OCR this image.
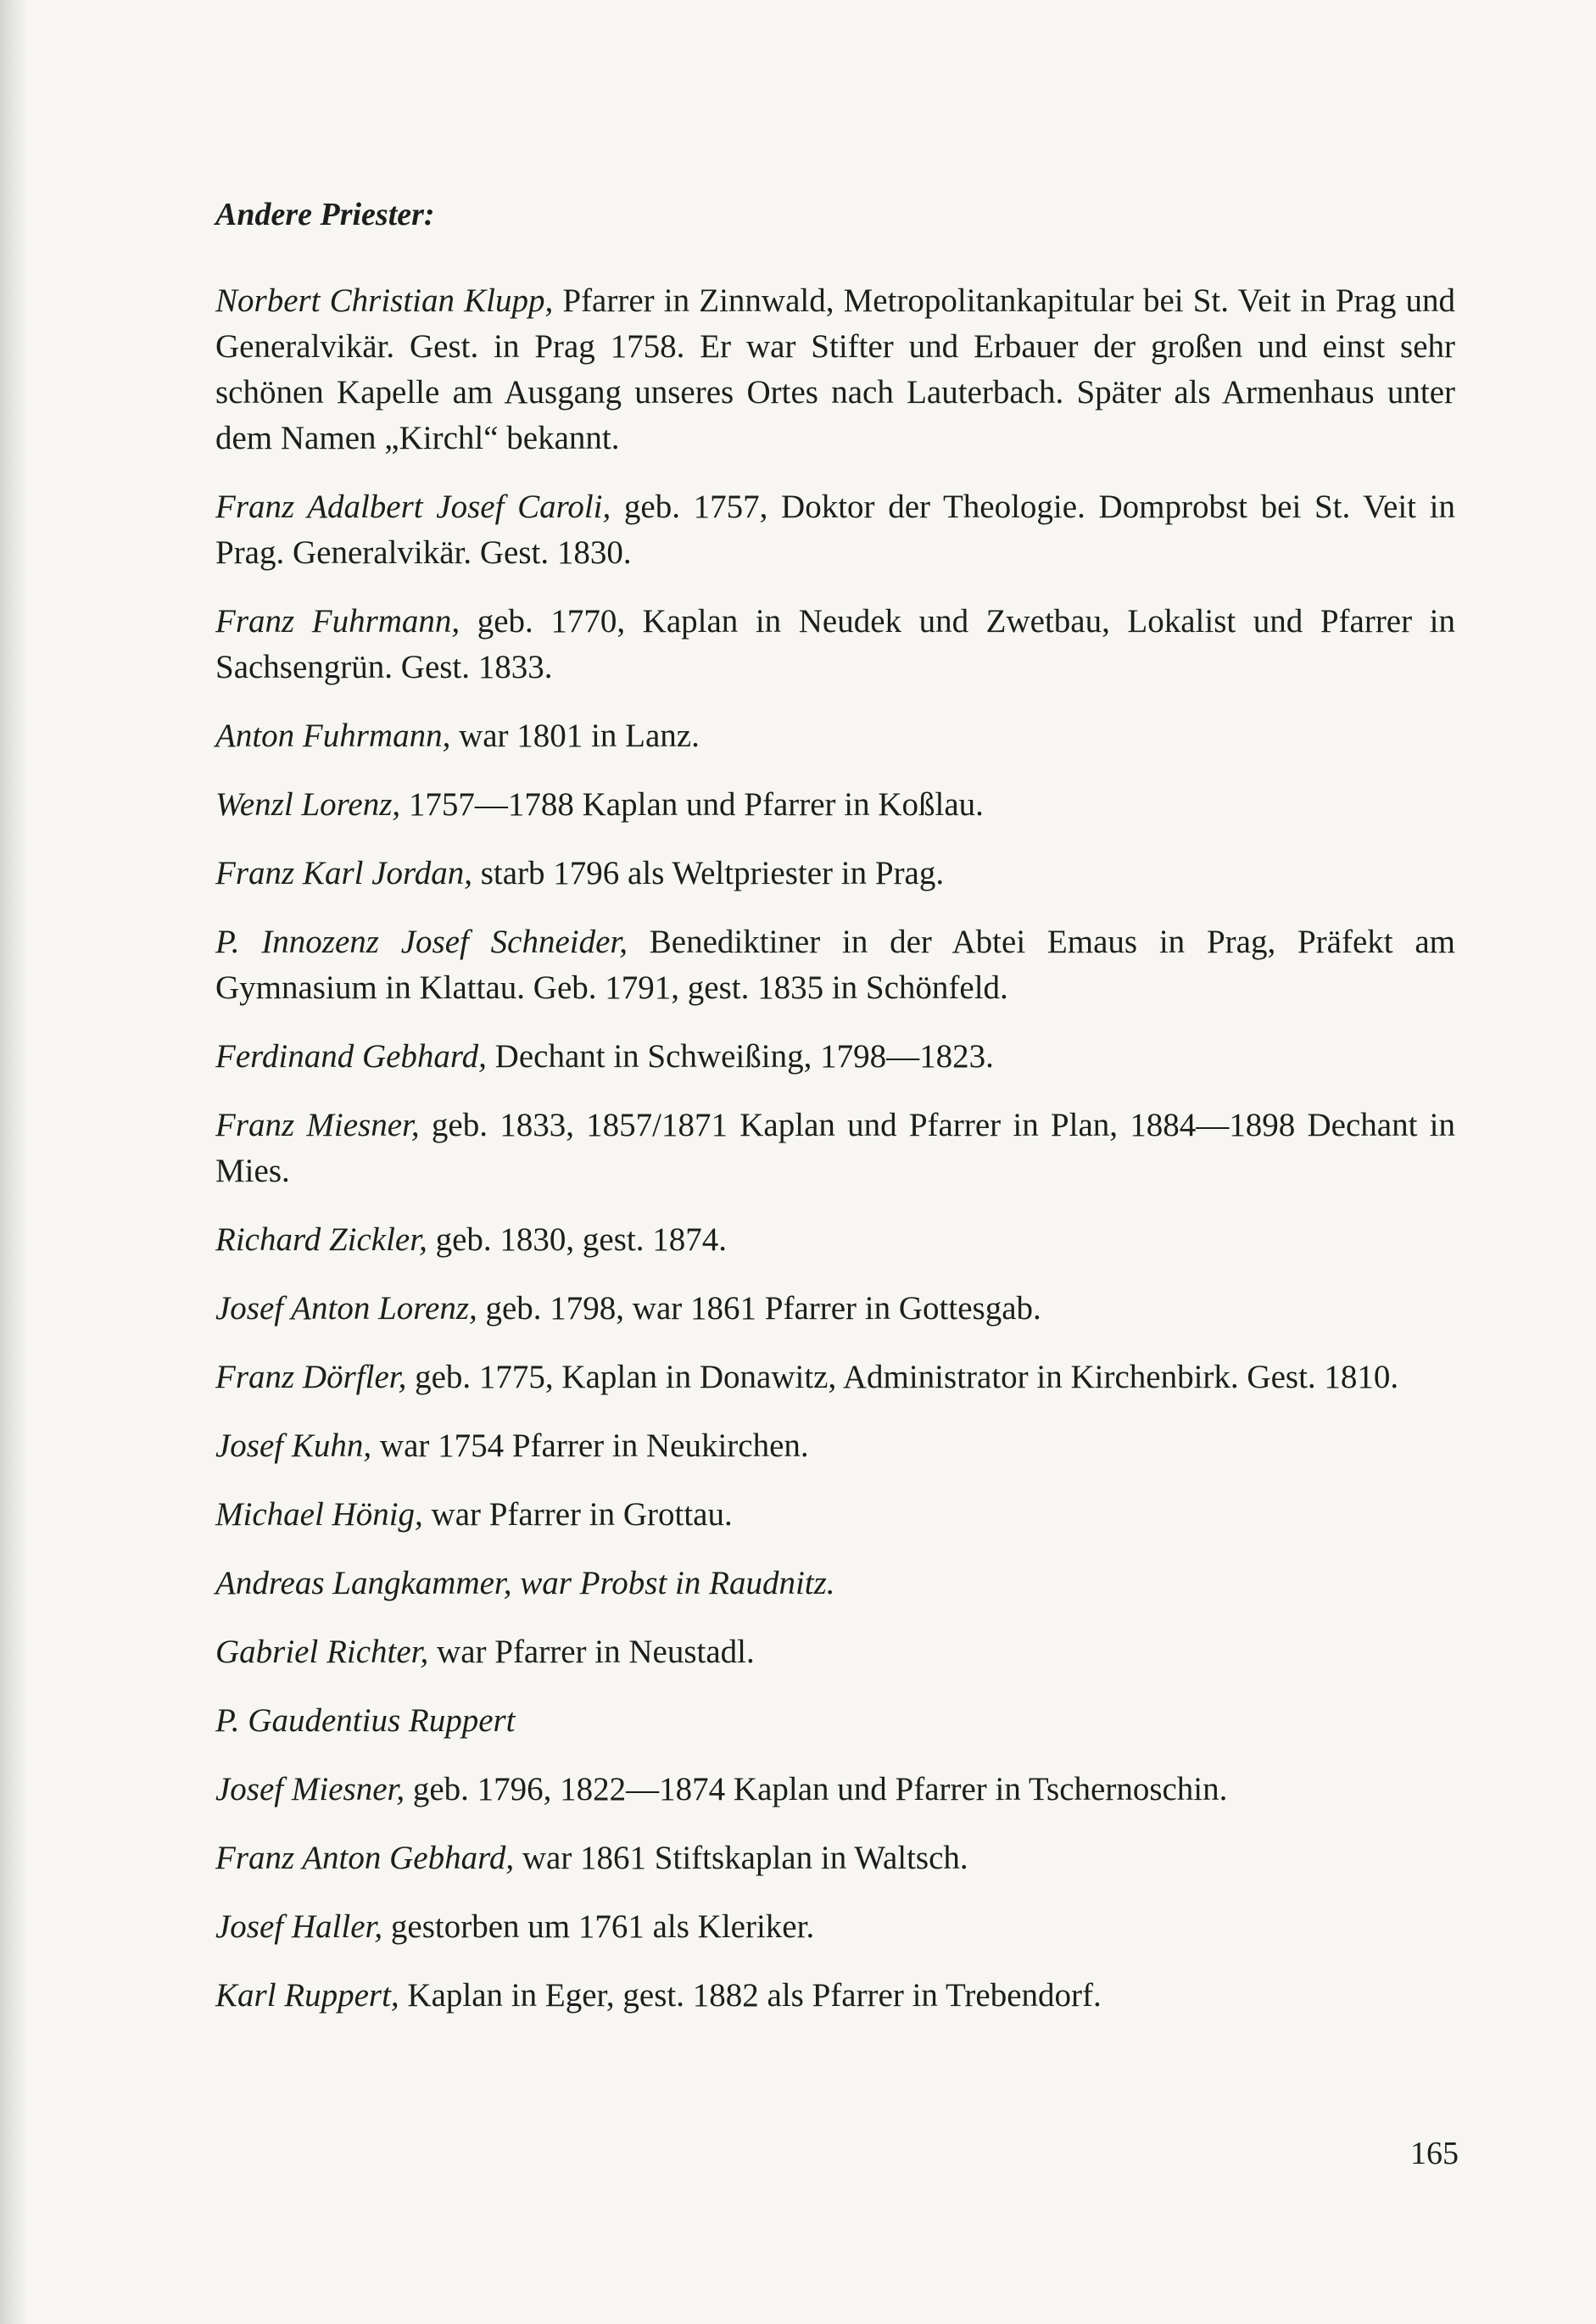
Andere Priester:

Norbert Christian Klupp, Pfarrer in Zinnwald, Metropolitankapitular bei St. Veit in Prag und Generalvikär. Gest. in Prag 1758. Er war Stifter und Erbauer der großen und einst sehr schönen Kapelle am Ausgang unseres Ortes nach Lauterbach. Später als Armenhaus unter dem Namen „Kirchl“ bekannt.

Franz Adalbert Josef Caroli, geb. 1757, Doktor der Theologie. Domprobst bei St. Veit in Prag. Generalvikär. Gest. 1830.

Franz Fuhrmann, geb. 1770, Kaplan in Neudek und Zwetbau, Lokalist und Pfarrer in Sachsengrün. Gest. 1833.

Anton Fuhrmann, war 1801 in Lanz.

Wenzl Lorenz, 1757—1788 Kaplan und Pfarrer in Koßlau.

Franz Karl Jordan, starb 1796 als Weltpriester in Prag.

P. Innozenz Josef Schneider, Benediktiner in der Abtei Emaus in Prag, Präfekt am Gymnasium in Klattau. Geb. 1791, gest. 1835 in Schönfeld.

Ferdinand Gebhard, Dechant in Schweißing, 1798—1823.

Franz Miesner, geb. 1833, 1857/1871 Kaplan und Pfarrer in Plan, 1884—1898 Dechant in Mies.

Richard Zickler, geb. 1830, gest. 1874.

Josef Anton Lorenz, geb. 1798, war 1861 Pfarrer in Gottesgab.

Franz Dörfler, geb. 1775, Kaplan in Donawitz, Administrator in Kirchenbirk. Gest. 1810.

Josef Kuhn, war 1754 Pfarrer in Neukirchen.

Michael Hönig, war Pfarrer in Grottau.

Andreas Langkammer, war Probst in Raudnitz.

Gabriel Richter, war Pfarrer in Neustadl.

P. Gaudentius Ruppert

Josef Miesner, geb. 1796, 1822—1874 Kaplan und Pfarrer in Tschernoschin.

Franz Anton Gebhard, war 1861 Stiftskaplan in Waltsch.

Josef Haller, gestorben um 1761 als Kleriker.

Karl Ruppert, Kaplan in Eger, gest. 1882 als Pfarrer in Trebendorf.

165
